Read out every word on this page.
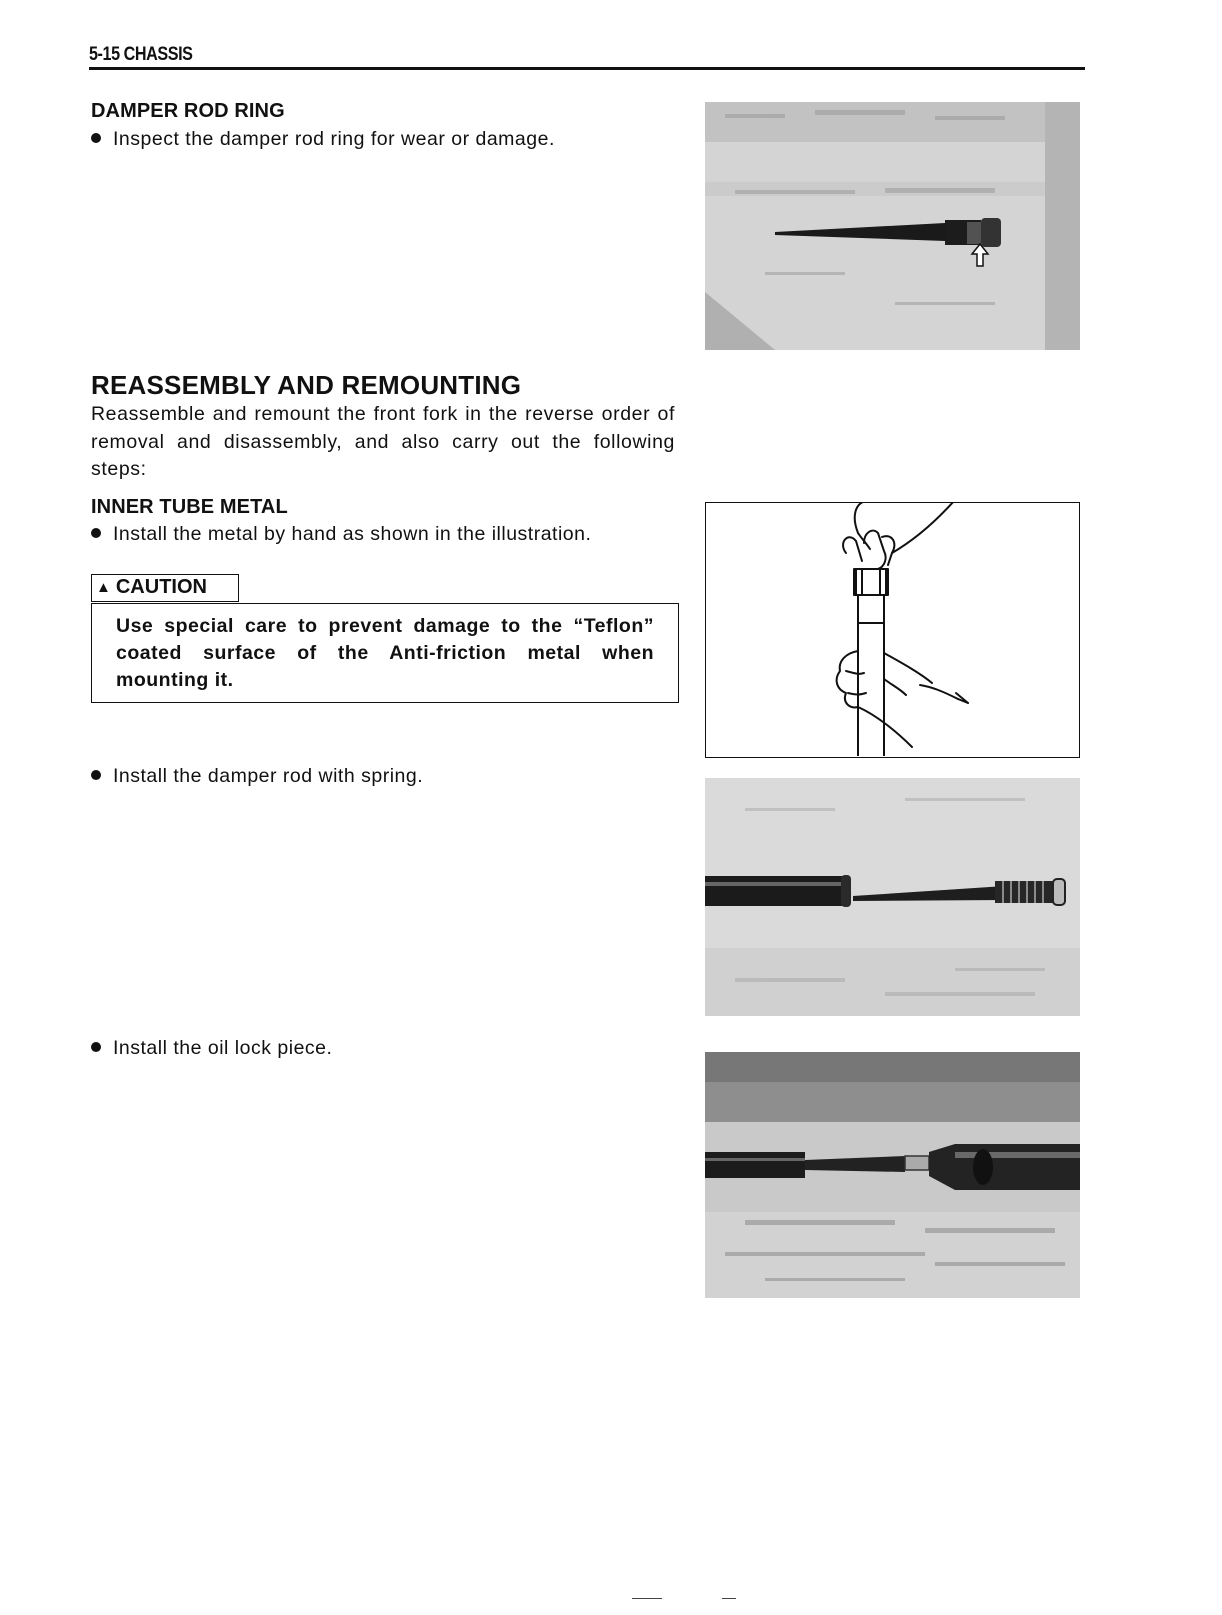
5-15 CHASSIS
DAMPER ROD RING
Inspect the damper rod ring for wear or damage.
REASSEMBLY AND REMOUNTING
Reassemble and remount the front fork in the reverse order of removal and disassembly, and also carry out the following steps:
INNER TUBE METAL
Install the metal by hand as shown in the illustration.
▲ CAUTION
Use special care to prevent damage to the “Teflon” coated surface of the Anti-friction metal when mounting it.
Install the damper rod with spring.
Install the oil lock piece.
